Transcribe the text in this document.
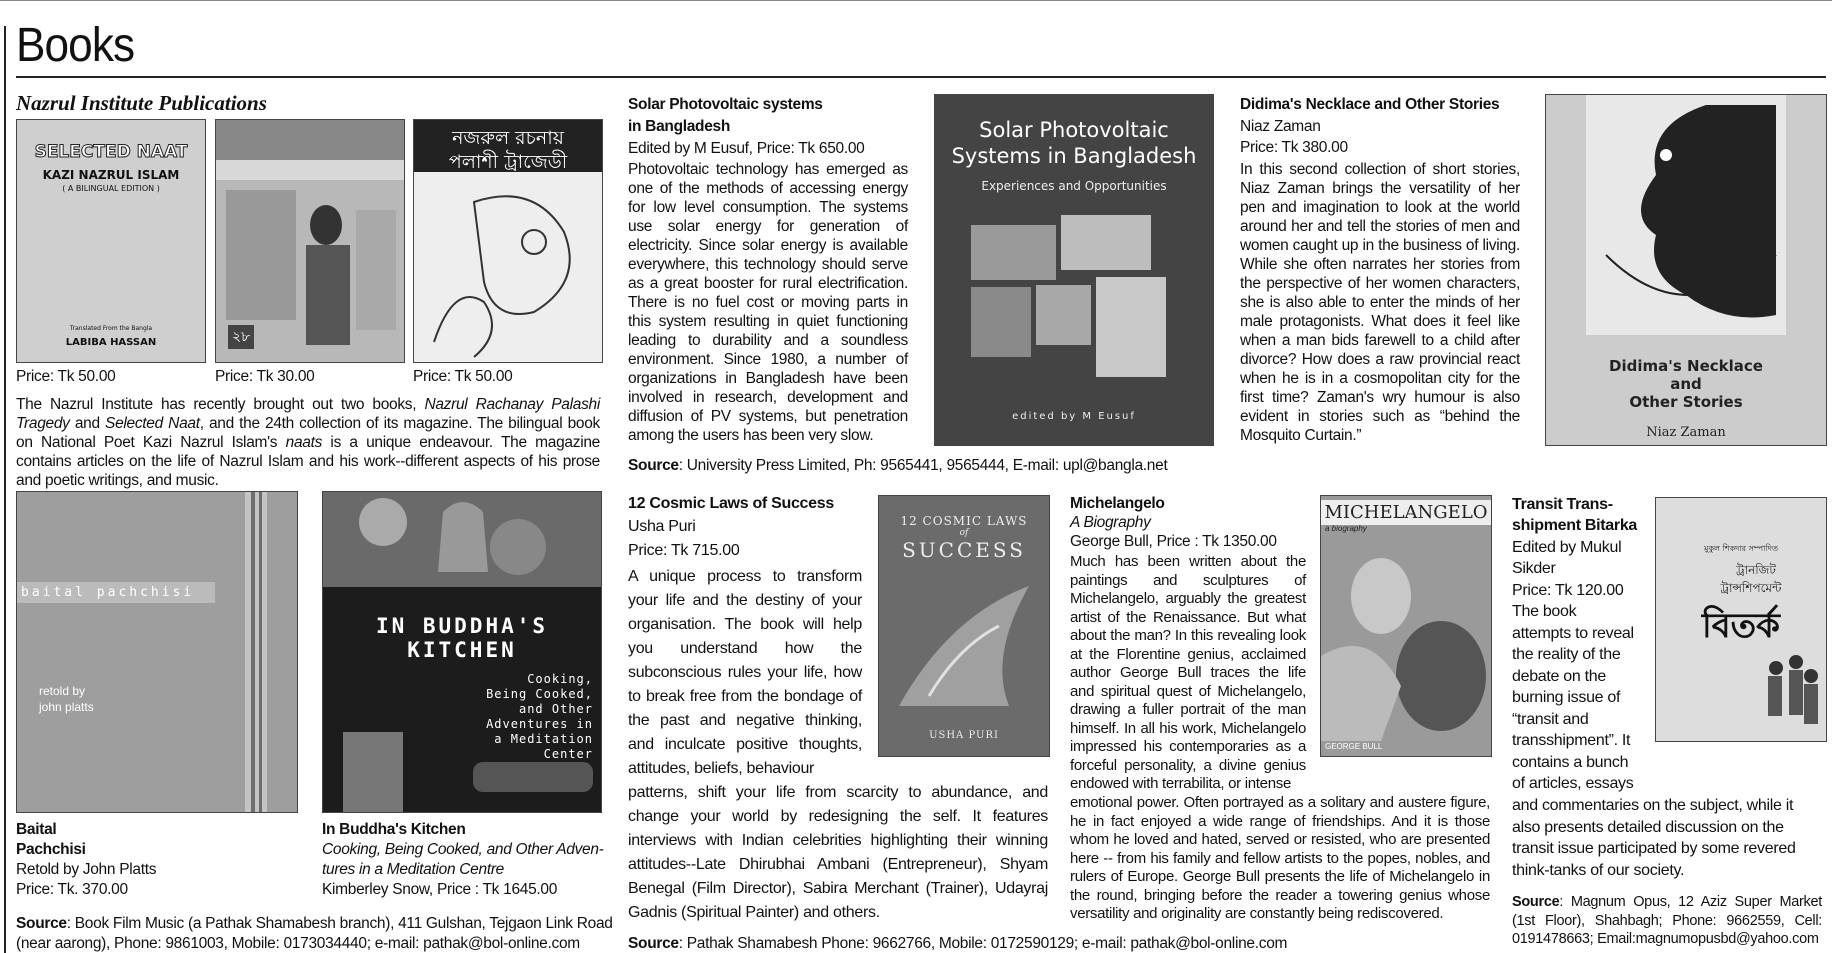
Books
Nazrul Institute Publications
SELECTED NAAT
KAZI NAZRUL ISLAM
( A BILINGUAL EDITION )
Translated From the Bangla
LABIBA HASSAN	২৮
নজরুল রচনায়
পলাশী ট্রাজেডী
Price: Tk 50.00	Price: Tk 30.00	Price: Tk 50.00
The Nazrul Institute has recently brought out two books, Nazrul Rachanay Palashi Tragedy and Selected Naat, and the 24th collection of its magazine. The bilingual book on National Poet Kazi Nazrul Islam's naats is a unique endeavour. The magazine contains articles on the life of Nazrul Islam and his work--different aspects of his prose and poetic writings, and music.
Solar Photovoltaic systems
in Bangladesh
Edited by M Eusuf, Price: Tk 650.00
Photovoltaic technology has emerged as one of the methods of accessing energy for low level consumption. The systems use solar energy for generation of electricity. Since solar energy is available everywhere, this technology should serve as a great booster for rural electrification. There is no fuel cost or moving parts in this system resulting in quiet functioning leading to durability and a soundless environment. Since 1980, a number of organizations in Bangladesh have been involved in research, development and diffusion of PV systems, but penetration among the users has been very slow.
Solar Photovoltaic
Systems in Bangladesh
Experiences and Opportunities
edited by M Eusuf
Didima's Necklace and Other Stories
Niaz Zaman
Price: Tk 380.00
In this second collection of short stories, Niaz Zaman brings the versatility of her pen and imagination to look at the world around her and tell the stories of men and women caught up in the business of living. While she often narrates her stories from the perspective of her women characters, she is also able to enter the minds of her male protagonists. What does it feel like when a man bids farewell to a child after divorce? How does a raw provincial react when he is in a cosmopolitan city for the first time? Zaman's wry humour is also evident in stories such as “behind the Mosquito Curtain.”
Didima's Necklace
and
Other Stories
Niaz Zaman
Source: University Press Limited, Ph: 9565441, 9565444, E-mail: upl@bangla.net
baital pachchisi
retold by
john platts
Baital
Pachchisi
Retold by John Platts
Price: Tk. 370.00
IN BUDDHA'S
KITCHEN
Cooking,
Being Cooked,
and Other
Adventures in
a Meditation
Center
In Buddha's Kitchen
Cooking, Being Cooked, and Other Adven-
tures in a Meditation Centre
Kimberley Snow, Price : Tk 1645.00
Source: Book Film Music (a Pathak Shamabesh branch), 411 Gulshan, Tejgaon Link Road
(near aarong), Phone: 9861003, Mobile: 0173034440; e-mail: pathak@bol-online.com
12 Cosmic Laws of Success
Usha Puri
Price: Tk 715.00
A unique process to transform your life and the destiny of your organisation. The book will help you understand how the subconscious rules your life, how to break free from the bondage of the past and negative thinking, and inculcate positive thoughts, attitudes, beliefs, behaviour
patterns, shift your life from scarcity to abundance, and change your world by redesigning the self. It features interviews with Indian celebrities highlighting their winning attitudes--Late Dhirubhai Ambani (Entrepreneur), Shyam Benegal (Film Director), Sabira Merchant (Trainer), Udayraj Gadnis (Spiritual Painter) and others.
12 COSMIC LAWS
of
SUCCESS
USHA PURI
Source: Pathak Shamabesh Phone: 9662766, Mobile: 0172590129; e-mail: pathak@bol-online.com
Michelangelo
A Biography
George Bull, Price : Tk 1350.00
Much has been written about the paintings and sculptures of Michelangelo, arguably the greatest artist of the Renaissance. But what about the man? In this revealing look at the Florentine genius, acclaimed author George Bull traces the life and spiritual quest of Michelangelo, drawing a fuller portrait of the man himself. In all his work, Michelangelo impressed his contemporaries as a forceful personality, a divine genius endowed with terrabilita, or intense
emotional power. Often portrayed as a solitary and austere figure, he in fact enjoyed a wide range of friendships. And it is those whom he loved and hated, served or resisted, who are presented here -- from his family and fellow artists to the popes, nobles, and rulers of Europe. George Bull presents the life of Michelangelo in the round, bringing before the reader a towering genius whose versatility and originality are constantly being rediscovered.
MICHELANGELO
a biography
GEORGE BULL
Transit Trans-
shipment Bitarka
Edited by Mukul
Sikder
Price: Tk 120.00
The book
attempts to reveal
the reality of the
debate on the
burning issue of
“transit and
transshipment”. It
contains a bunch
of articles, essays
and commentaries on the subject, while it also presents detailed discussion on the transit issue participated by some revered think-tanks of our society.
মুকুল শিকদার সম্পাদিত
ট্রানজিট
ট্রান্সশিপমেন্ট
বিতর্ক
Source: Magnum Opus, 12 Aziz Super Market (1st Floor), Shahbagh; Phone: 9662559, Cell: 0191478663; Email:magnumopusbd@yahoo.com
